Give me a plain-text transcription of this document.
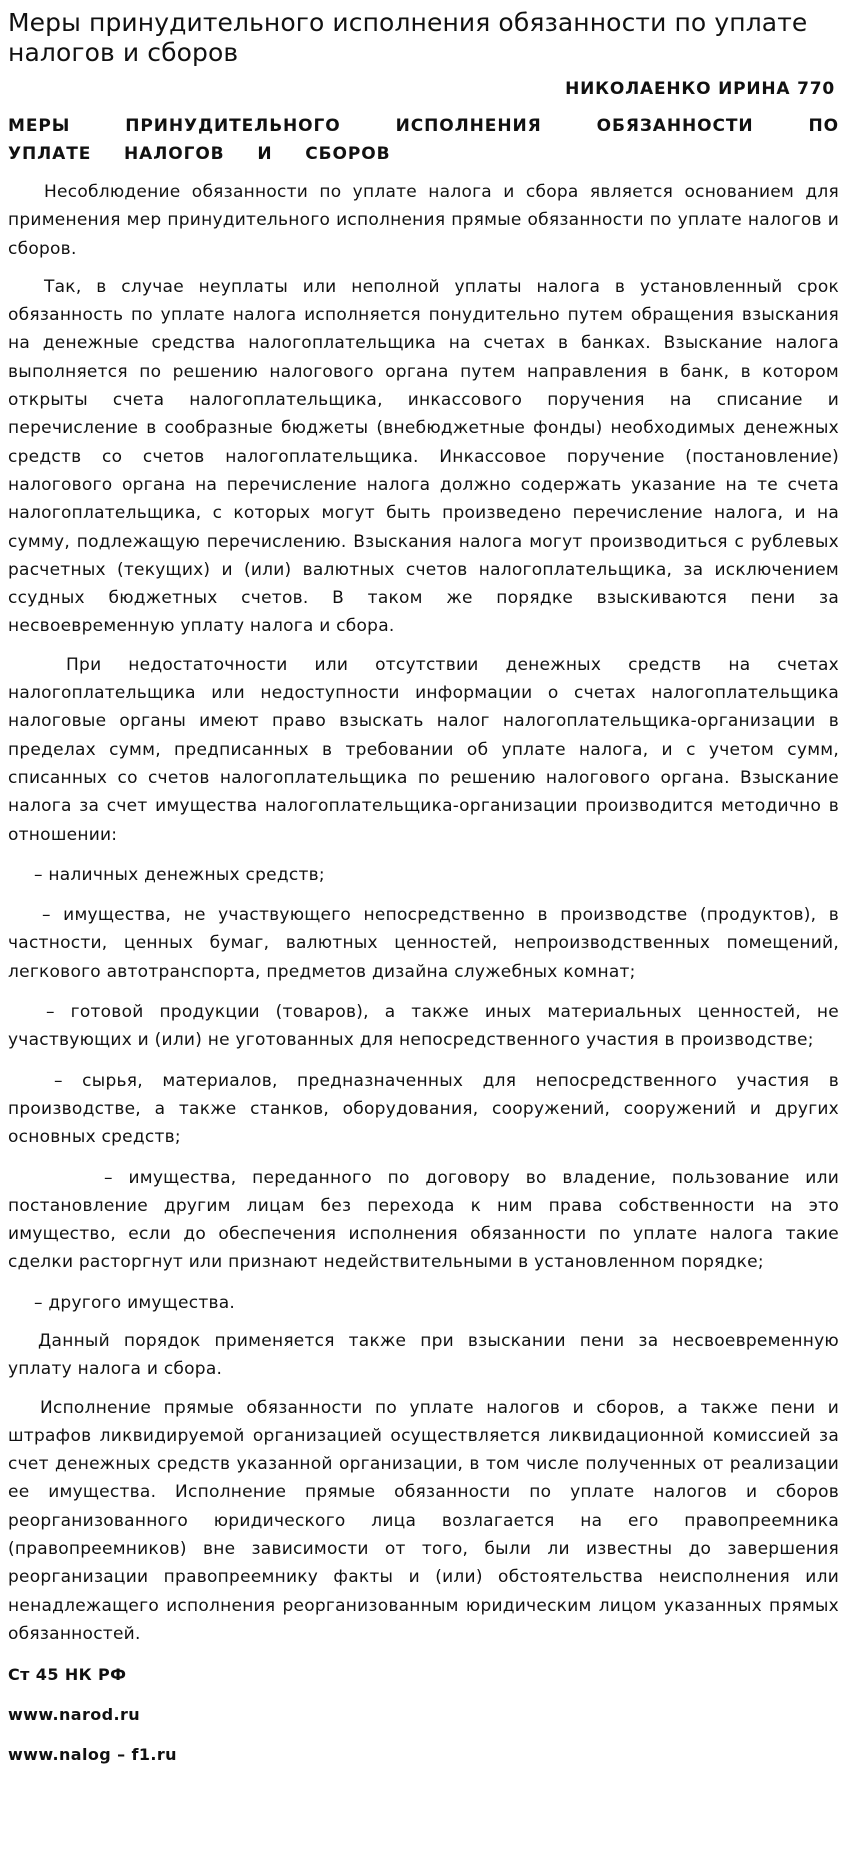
Меры принудительного исполнения обязанности по уплате налогов и сборов
НИКОЛАЕНКО ИРИНА 770
МЕРЫ ПРИНУДИТЕЛЬНОГО ИСПОЛНЕНИЯ ОБЯЗАННОСТИ ПО УПЛАТЕ НАЛОГОВ И СБОРОВ

Несоблюдение обязанности по уплате налога и сбора является основанием для применения мер принудительного исполнения прямые обязанности по уплате налогов и сборов.

Так, в случае неуплаты или неполной уплаты налога в установленный срок обязанность по уплате налога исполняется понудительно путем обращения взыскания на денежные средства налогоплательщика на счетах в банках. Взыскание налога выполняется по решению налогового органа путем направления в банк, в котором открыты счета налогоплательщика, инкассового поручения на списание и перечисление в сообразные бюджеты (внебюджетные фонды) необходимых денежных средств со счетов налогоплательщика. Инкассовое поручение (постановление) налогового органа на перечисление налога должно содержать указание на те счета налогоплательщика, с которых могут быть произведено перечисление налога, и на сумму, подлежащую перечислению. Взыскания налога могут производиться с рублевых расчетных (текущих) и (или) валютных счетов налогоплательщика, за исключением ссудных бюджетных счетов. В таком же порядке взыскиваются пени за несвоевременную уплату налога и сбора.

При недостаточности или отсутствии денежных средств на счетах налогоплательщика или недоступности информации о счетах налогоплательщика налоговые органы имеют право взыскать налог налогоплательщика-организации в пределах сумм, предписанных в требовании об уплате налога, и с учетом сумм, списанных со счетов налогоплательщика по решению налогового органа. Взыскание налога за счет имущества налогоплательщика-организации производится методично в отношении:

– наличных денежных средств;

– имущества, не участвующего непосредственно в производстве (продуктов), в частности, ценных бумаг, валютных ценностей, непроизводственных помещений, легкового автотранспорта, предметов дизайна служебных комнат;

– готовой продукции (товаров), а также иных материальных ценностей, не участвующих и (или) не уготованных для непосредственного участия в производстве;

– сырья, материалов, предназначенных для непосредственного участия в производстве, а также станков, оборудования, сооружений, сооружений и других основных средств;

– имущества, переданного по договору во владение, пользование или постановление другим лицам без перехода к ним права собственности на это имущество, если до обеспечения исполнения обязанности по уплате налога такие сделки расторгнут или признают недействительными в установленном порядке;

– другого имущества.

Данный порядок применяется также при взыскании пени за несвоевременную уплату налога и сбора.

Исполнение прямые обязанности по уплате налогов и сборов, а также пени и штрафов ликвидируемой организацией осуществляется ликвидационной комиссией за счет денежных средств указанной организации, в том числе полученных от реализации ее имущества. Исполнение прямые обязанности по уплате налогов и сборов реорганизованного юридического лица возлагается на его правопреемника (правопреемников) вне зависимости от того, были ли известны до завершения реорганизации правопреемнику факты и (или) обстоятельства неисполнения или ненадлежащего исполнения реорганизованным юридическим лицом указанных прямых обязанностей.

Ст 45 НК РФ
www.narod.ru
www.nalog – f1.ru
